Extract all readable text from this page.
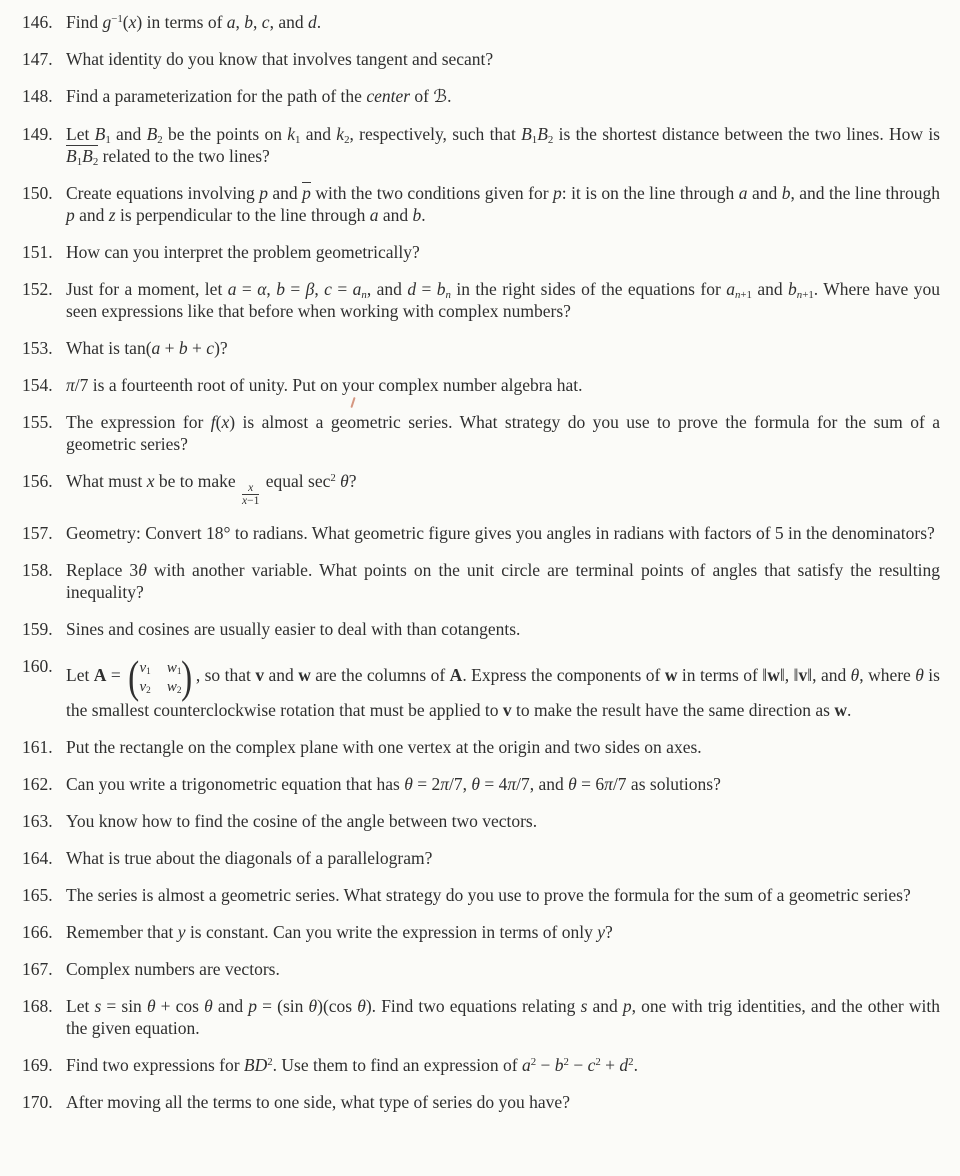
146. Find $g^{-1}(x)$ in terms of a, b, c, and d.
147. What identity do you know that involves tangent and secant?
148. Find a parameterization for the path of the center of ℬ.
149. Let $B_1$ and $B_2$ be the points on $k_1$ and $k_2$, respectively, such that $B_1B_2$ is the shortest distance between the two lines. How is $B_1B_2$ related to the two lines?
150. Create equations involving p and p with the two conditions given for p: it is on the line through a and b, and the line through p and z is perpendicular to the line through a and b.
151. How can you interpret the problem geometrically?
152. Just for a moment, let a = α, b = β, $c = a_n$, and $d = b_n$ in the right sides of the equations for $a_{n+1}$ and $b_{n+1}$. Where have you seen expressions like that before when working with complex numbers?
153. What is tan(a + b + c)?
154. π/7 is a fourteenth root of unity. Put on your complex number algebra hat.
155. The expression for f(x) is almost a geometric series. What strategy do you use to prove the formula for the sum of a geometric series?
156. What must x be to make
$\frac{x}{x-1}$
equal $\sec^2 \theta$?
157. Geometry: Convert 18° to radians. What geometric figure gives you angles in radians with factors of 5 in the denominators?
158. Replace 3θ with another variable. What points on the unit circle are terminal points of angles that satisfy the resulting inequality?
159. Sines and cosines are usually easier to deal with than cotangents.
160. Let A = ( $v_1$ $w_1$
$v_2$ $w_2$ ) , so that v and w are the columns of A. Express the components of w in terms of ‖w‖, ‖v‖, and θ, where θ is the smallest counterclockwise rotation that must be applied to v to make the result have the same direction as w.
161. Put the rectangle on the complex plane with one vertex at the origin and two sides on axes.
162. Can you write a trigonometric equation that has θ = 2π/7, θ = 4π/7, and θ = 6π/7 as solutions?
163. You know how to find the cosine of the angle between two vectors.
164. What is true about the diagonals of a parallelogram?
165. The series is almost a geometric series. What strategy do you use to prove the formula for the sum of a geometric series?
166. Remember that y is constant. Can you write the expression in terms of only y?
167. Complex numbers are vectors.
168. Let s = sin θ + cos θ and p = (sin θ)(cos θ). Find two equations relating s and p, one with trig identities, and the other with the given equation.
169. Find two expressions for $BD^2$. Use them to find an expression of $a^2 - b^2 - c^2 + d^2$.
170. After moving all the terms to one side, what type of series do you have?
